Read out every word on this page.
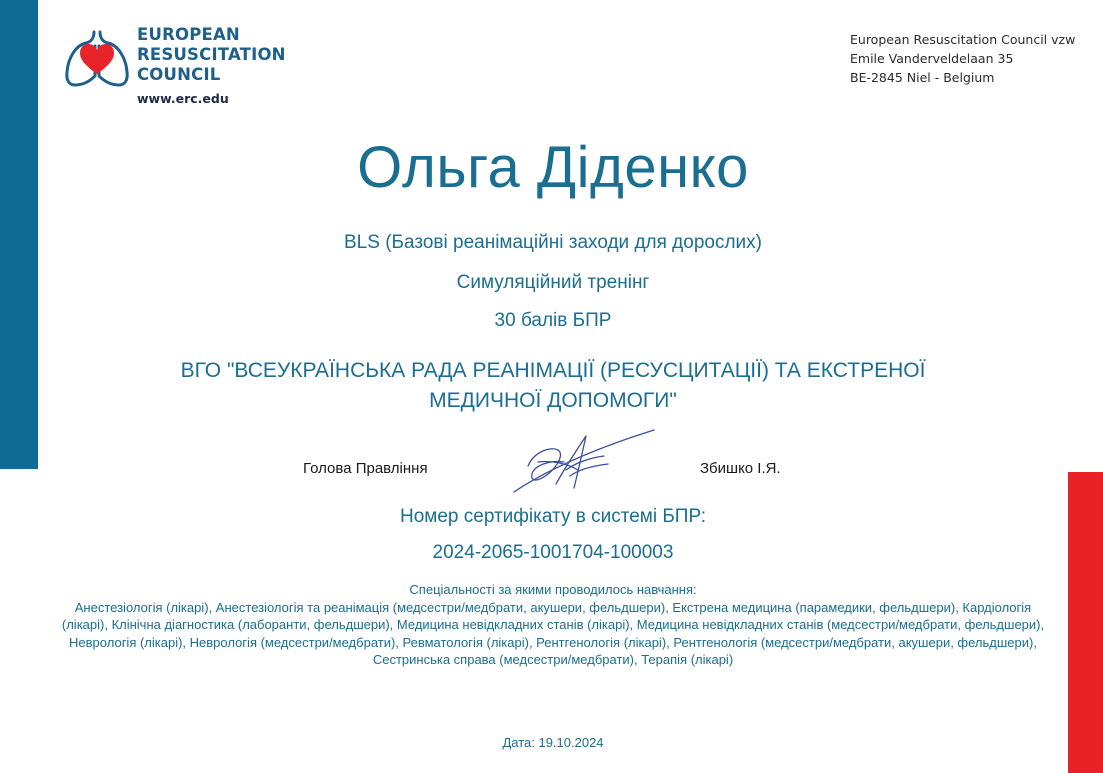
EUROPEAN
RESUSCITATION
COUNCIL
www.erc.edu
European Resuscitation Council vzw
Emile Vanderveldelaan 35
BE-2845 Niel - Belgium
Ольга Діденко
BLS (Базові реанімаційні заходи для дорослих)
Симуляційний тренінг
30 балів БПР
ВГО "ВСЕУКРАЇНСЬКА РАДА РЕАНІМАЦІЇ (РЕСУСЦИТАЦІЇ) ТА ЕКСТРЕНОЇ
МЕДИЧНОЇ ДОПОМОГИ"
Голова Правління	Збишко І.Я.
Номер сертифікату в системі БПР:
2024-2065-1001704-100003
Спеціальності за якими проводилось навчання:
Анестезіологія (лікарі), Анестезіологія та реанімація (медсестри/медбрати, акушери, фельдшери), Екстрена медицина (парамедики, фельдшери), Кардіологія (лікарі), Клінічна діагностика (лаборанти, фельдшери), Медицина невідкладних станів (лікарі), Медицина невідкладних станів (медсестри/медбрати, фельдшери), Неврологія (лікарі), Неврологія (медсестри/медбрати), Ревматологія (лікарі), Рентгенологія (лікарі), Рентгенологія (медсестри/медбрати, акушери, фельдшери), Сестринська справа (медсестри/медбрати), Терапія (лікарі)
Дата: 19.10.2024
